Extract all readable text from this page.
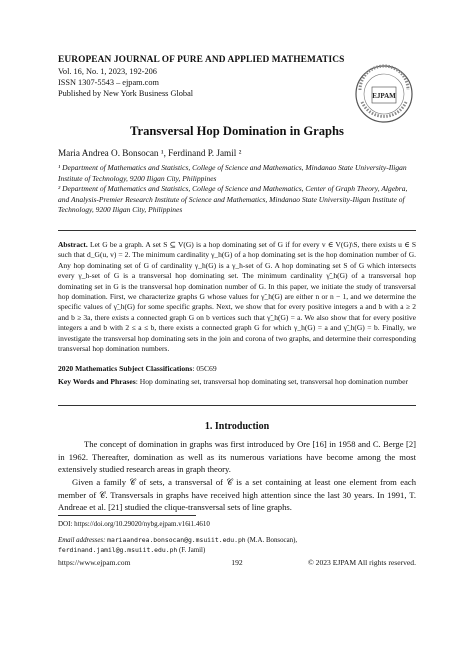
EUROPEAN JOURNAL OF PURE AND APPLIED MATHEMATICS
Vol. 16, No. 1, 2023, 192-206
ISSN 1307-5543 – ejpam.com
Published by New York Business Global	EJPAM
Transversal Hop Domination in Graphs
Maria Andrea O. Bonsocan ¹, Ferdinand P. Jamil ²
¹ Department of Mathematics and Statistics, College of Science and Mathematics, Mindanao State University-Iligan Institute of Technology, 9200 Iligan City, Philippines
² Department of Mathematics and Statistics, College of Science and Mathematics, Center of Graph Theory, Algebra, and Analysis-Premier Research Institute of Science and Mathematics, Mindanao State University-Iligan Institute of Technology, 9200 Iligan City, Philippines
Abstract. Let G be a graph. A set S ⊆ V(G) is a hop dominating set of G if for every v ∈ V(G)\S, there exists u ∈ S such that d_G(u, v) = 2. The minimum cardinality γ_h(G) of a hop dominating set is the hop domination number of G. Any hop dominating set of G of cardinality γ_h(G) is a γ_h-set of G. A hop dominating set S of G which intersects every γ_h-set of G is a transversal hop dominating set. The minimum cardinality γ̃_h(G) of a transversal hop dominating set in G is the transversal hop domination number of G. In this paper, we initiate the study of transversal hop domination. First, we characterize graphs G whose values for γ̃_h(G) are either n or n − 1, and we determine the specific values of γ̃_h(G) for some specific graphs. Next, we show that for every positive integers a and b with a ≥ 2 and b ≥ 3a, there exists a connected graph G on b vertices such that γ̃_h(G) = a. We also show that for every positive integers a and b with 2 ≤ a ≤ b, there exists a connected graph G for which γ_h(G) = a and γ̃_h(G) = b. Finally, we investigate the transversal hop dominating sets in the join and corona of two graphs, and determine their corresponding transversal hop domination numbers.
2020 Mathematics Subject Classifications: 05C69
Key Words and Phrases: Hop dominating set, transversal hop dominating set, transversal hop domination number
1. Introduction
The concept of domination in graphs was first introduced by Ore [16] in 1958 and C. Berge [2] in 1962. Thereafter, domination as well as its numerous variations have become among the most extensively studied research areas in graph theory.
Given a family 𝒞 of sets, a transversal of 𝒞 is a set containing at least one element from each member of 𝒞. Transversals in graphs have received high attention since the last 30 years. In 1991, T. Andreae et al. [21] studied the clique-transversal sets of line graphs.
DOI: https://doi.org/10.29020/nybg.ejpam.v16i1.4610
Email addresses: mariaandrea.bonsocan@g.msuiit.edu.ph (M.A. Bonsocan),
ferdinand.jamil@g.msuiit.edu.ph (F. Jamil)
https://www.ejpam.com	192	© 2023 EJPAM All rights reserved.
